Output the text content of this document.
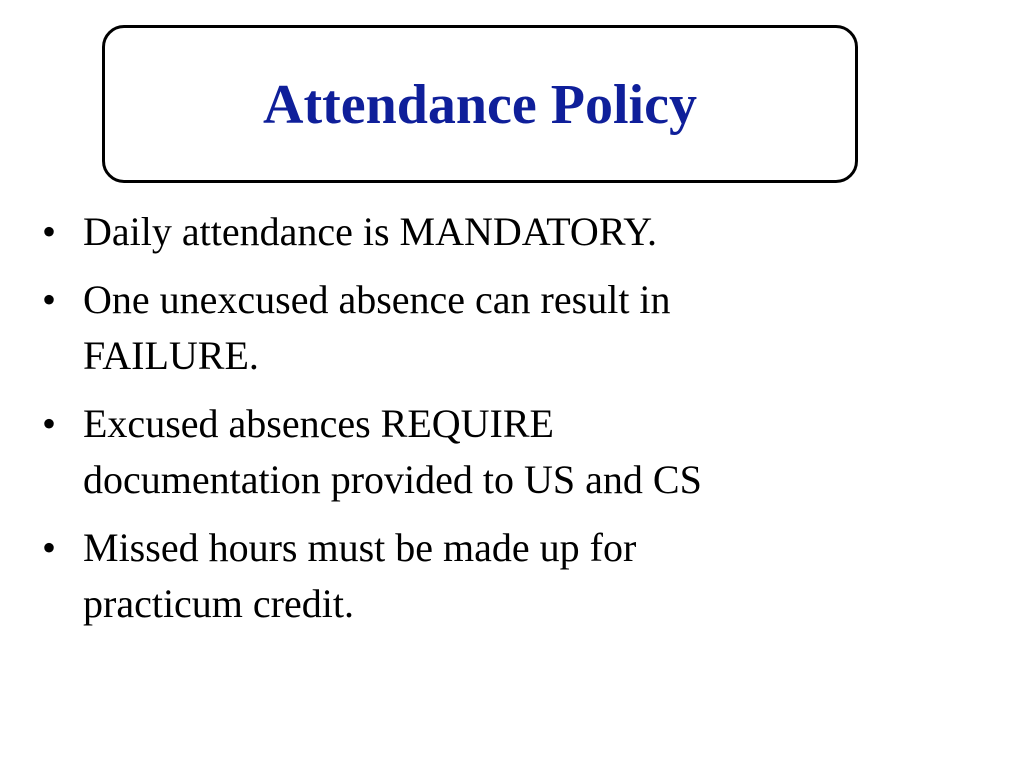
Attendance Policy
• Daily attendance is MANDATORY.
• One unexcused absence can result in
FAILURE.
• Excused absences REQUIRE
documentation provided to US and CS
• Missed hours must be made up for
practicum credit.
